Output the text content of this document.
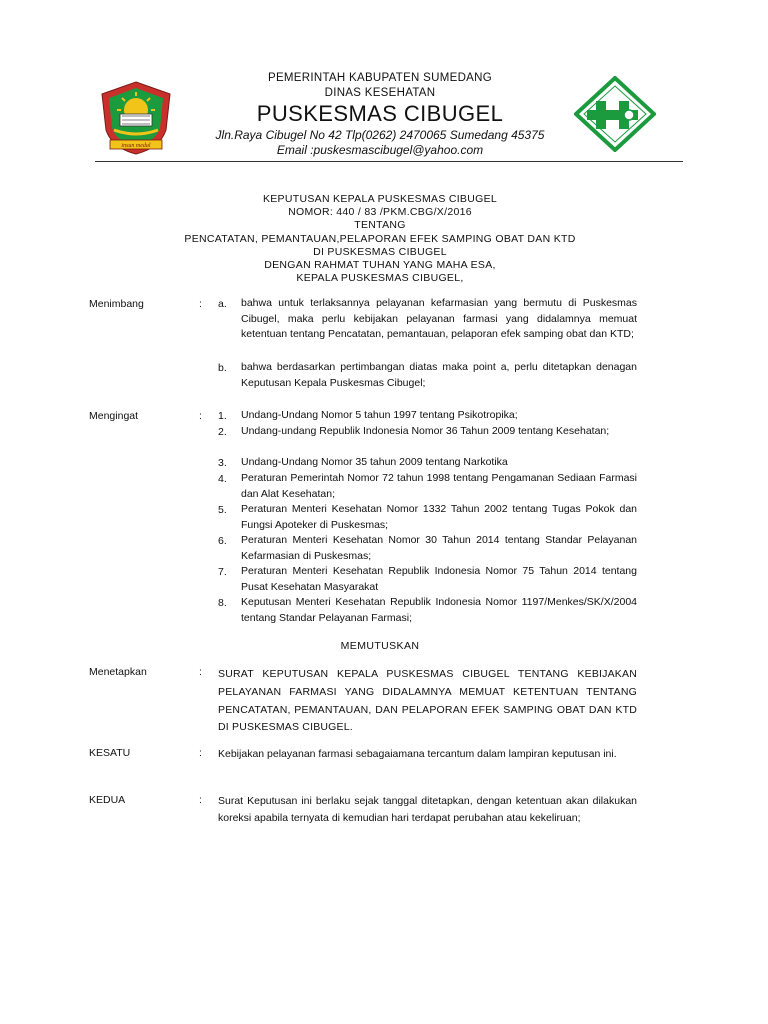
insun medal
PEMERINTAH KABUPATEN SUMEDANG
DINAS KESEHATAN
PUSKESMAS CIBUGEL
Jln.Raya Cibugel No 42 Tlp(0262) 2470065 Sumedang 45375
Email :puskesmascibugel@yahoo.com
KEPUTUSAN KEPALA PUSKESMAS CIBUGEL
NOMOR: 440 / 83 /PKM.CBG/X/2016
TENTANG
PENCATATAN, PEMANTAUAN,PELAPORAN EFEK SAMPING OBAT DAN KTD
DI PUSKESMAS CIBUGEL
DENGAN RAHMAT TUHAN YANG MAHA ESA,
KEPALA PUSKESMAS CIBUGEL,
Menimbang	: a. bahwa untuk terlaksannya pelayanan kefarmasian yang bermutu di Puskesmas Cibugel, maka perlu kebijakan pelayanan farmasi yang didalamnya memuat ketentuan tentang Pencatatan, pemantauan, pelaporan efek samping obat dan KTD;
b. bahwa berdasarkan pertimbangan diatas maka point a, perlu ditetapkan denagan Keputusan Kepala Puskesmas Cibugel;
Mengingat	: 1. Undang-Undang Nomor 5 tahun 1997 tentang Psikotropika;
2. Undang-undang Republik Indonesia Nomor 36 Tahun 2009 tentang Kesehatan;
3. Undang-Undang Nomor 35 tahun 2009 tentang Narkotika
4. Peraturan Pemerintah Nomor 72 tahun 1998 tentang Pengamanan Sediaan Farmasi dan Alat Kesehatan;
5. Peraturan Menteri Kesehatan Nomor 1332 Tahun 2002 tentang Tugas Pokok dan Fungsi Apoteker di Puskesmas;
6. Peraturan Menteri Kesehatan Nomor 30 Tahun 2014 tentang Standar Pelayanan Kefarmasian di Puskesmas;
7. Peraturan Menteri Kesehatan Republik Indonesia Nomor 75 Tahun 2014 tentang Pusat Kesehatan Masyarakat
8. Keputusan Menteri Kesehatan Republik Indonesia Nomor 1197/Menkes/SK/X/2004 tentang Standar Pelayanan Farmasi;
MEMUTUSKAN
Menetapkan	: SURAT KEPUTUSAN KEPALA PUSKESMAS CIBUGEL TENTANG KEBIJAKAN PELAYANAN FARMASI YANG DIDALAMNYA MEMUAT KETENTUAN TENTANG PENCATATAN, PEMANTAUAN, DAN PELAPORAN EFEK SAMPING OBAT DAN KTD DI PUSKESMAS CIBUGEL.
KESATU	: Kebijakan pelayanan farmasi sebagaiamana tercantum dalam lampiran keputusan ini.
KEDUA	: Surat Keputusan ini berlaku sejak tanggal ditetapkan, dengan ketentuan akan dilakukan koreksi apabila ternyata di kemudian hari terdapat perubahan atau kekeliruan;
